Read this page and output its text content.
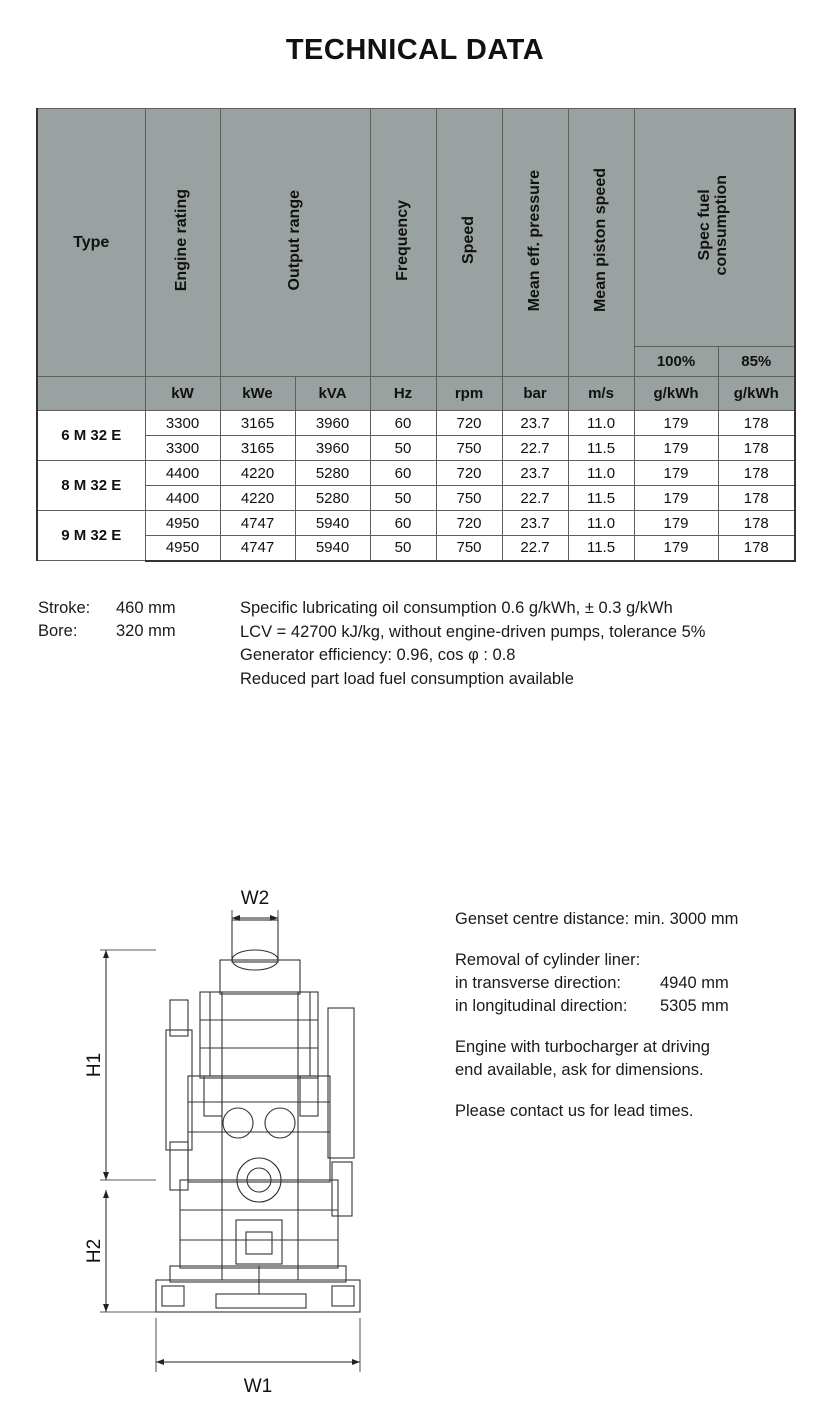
TECHNICAL DATA
Type	Engine rating	Output range		Frequency	Speed	Mean eff. pressure	Mean piston speed	Spec fuel
consumption	
								100%	85%
	kW	kWe	kVA	Hz	rpm	bar	m/s	g/kWh	g/kWh
6 M 32 E	3300	3165	3960	60	720	23.7	11.0	179	178
	3300	3165	3960	50	750	22.7	11.5	179	178
8 M 32 E	4400	4220	5280	60	720	23.7	11.0	179	178
	4400	4220	5280	50	750	22.7	11.5	179	178
9 M 32 E	4950	4747	5940	60	720	23.7	11.0	179	178
	4950	4747	5940	50	750	22.7	11.5	179	178
Stroke:	460 mm
Bore:	320 mm
Specific lubricating oil consumption 0.6 g/kWh, ± 0.3 g/kWh
LCV = 42700 kJ/kg, without engine-driven pumps, tolerance 5%
Generator efficiency: 0.96, cos φ : 0.8
Reduced part load fuel consumption available
W2
W1
H1
H2
Genset centre distance: min. 3000 mm
Removal of cylinder liner:
in transverse direction:	4940 mm
in longitudinal direction:	5305 mm
Engine with turbocharger at driving
end available, ask for dimensions.
Please contact us for lead times.
